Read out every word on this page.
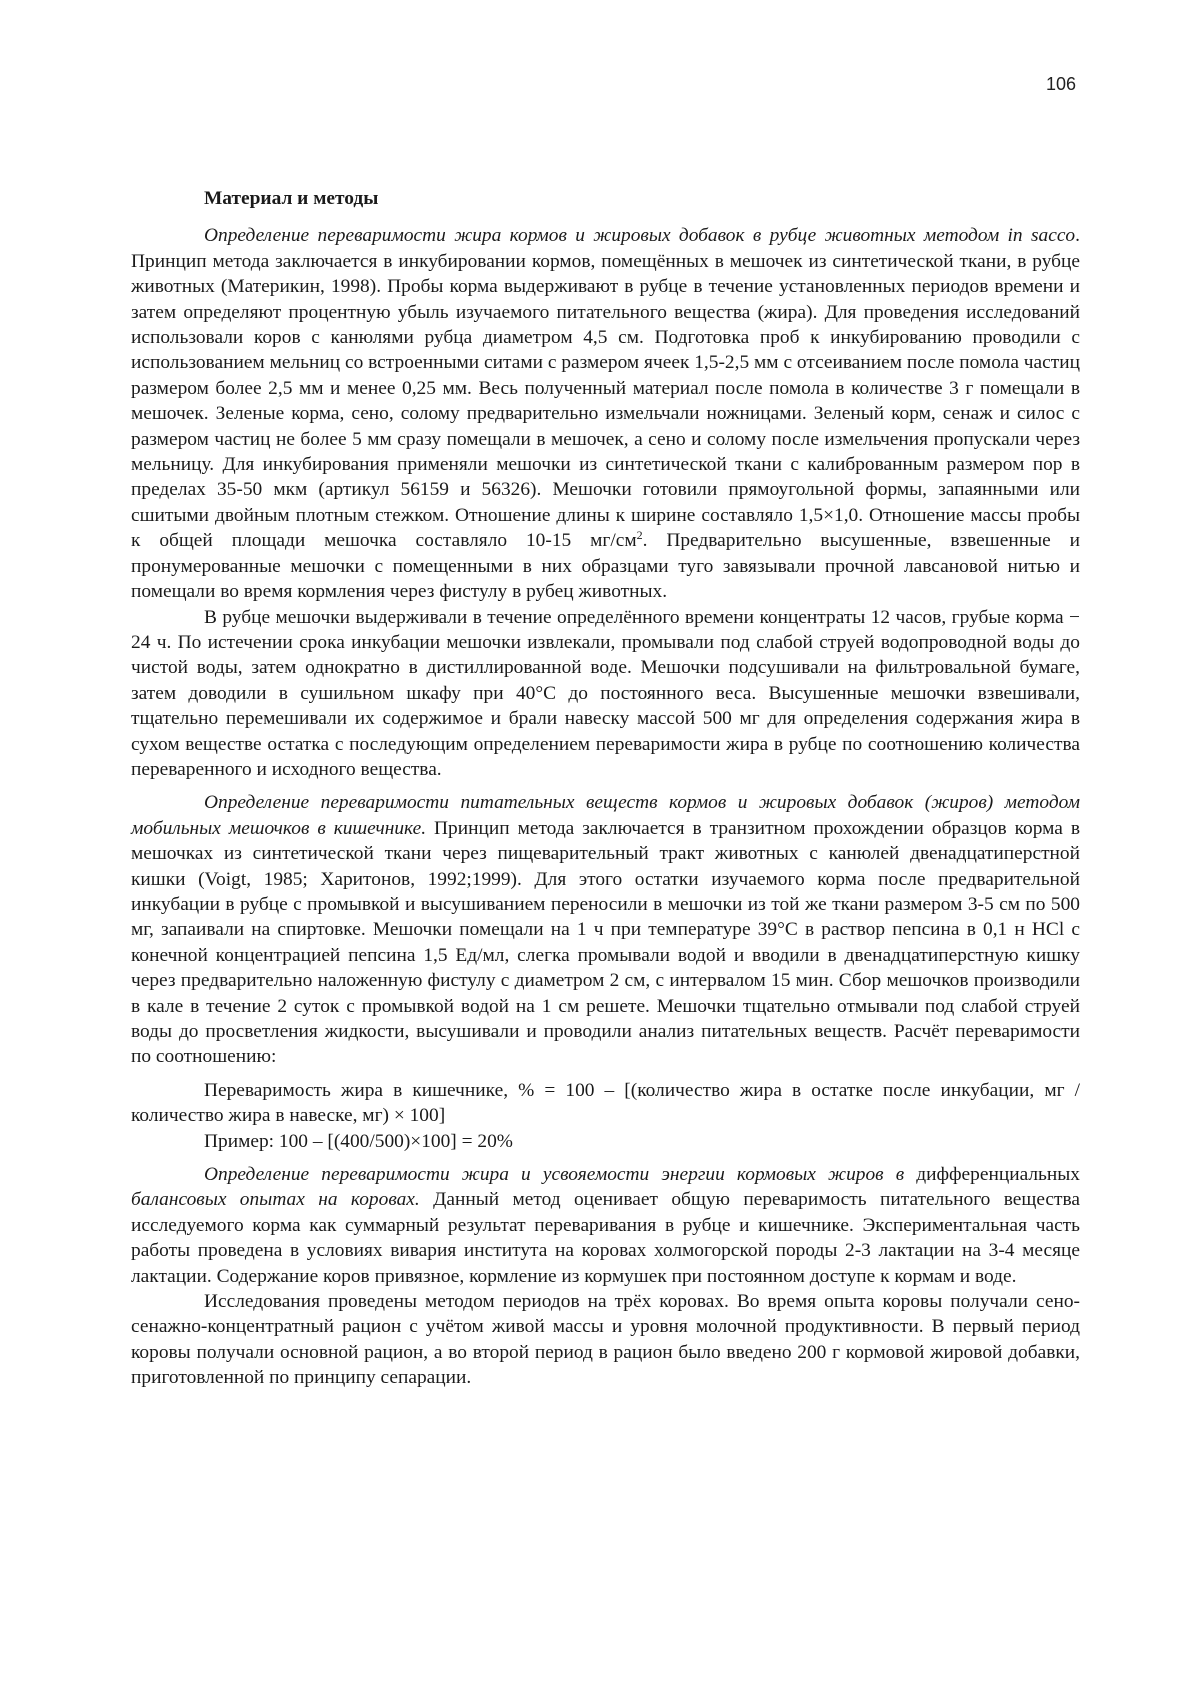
106
Материал и методы

Определение переваримости жира кормов и жировых добавок в рубце животных методом in sacco. Принцип метода заключается в инкубировании кормов, помещённых в мешочек из синтетической ткани, в рубце животных (Материкин, 1998). Пробы корма выдерживают в рубце в течение установленных периодов времени и затем определяют процентную убыль изучаемого питательного вещества (жира). Для проведения исследований использовали коров с канюлями рубца диаметром 4,5 см. Подготовка проб к инкубированию проводили с использованием мельниц со встроенными ситами с размером ячеек 1,5-2,5 мм с отсеиванием после помола частиц размером более 2,5 мм и менее 0,25 мм. Весь полученный материал после помола в количестве 3 г помещали в мешочек. Зеленые корма, сено, солому предварительно измельчали ножницами. Зеленый корм, сенаж и силос с размером частиц не более 5 мм сразу помещали в мешочек, а сено и солому после измельчения пропускали через мельницу. Для инкубирования применяли мешочки из синтетической ткани с калиброванным размером пор в пределах 35-50 мкм (артикул 56159 и 56326). Мешочки готовили прямоугольной формы, запаянными или сшитыми двойным плотным стежком. Отношение длины к ширине составляло 1,5×1,0. Отношение массы пробы к общей площади мешочка составляло 10-15 $мг/см^2$. Предварительно высушенные, взвешенные и пронумерованные мешочки с помещенными в них образцами туго завязывали прочной лавсановой нитью и помещали во время кормления через фистулу в рубец животных.

В рубце мешочки выдерживали в течение определённого времени концентраты 12 часов, грубые корма − 24 ч. По истечении срока инкубации мешочки извлекали, промывали под слабой струей водопроводной воды до чистой воды, затем однократно в дистиллированной воде. Мешочки подсушивали на фильтровальной бумаге, затем доводили в сушильном шкафу при 40°С до постоянного веса. Высушенные мешочки взвешивали, тщательно перемешивали их содержимое и брали навеску массой 500 мг для определения содержания жира в сухом веществе остатка с последующим определением переваримости жира в рубце по соотношению количества переваренного и исходного вещества.

Определение переваримости питательных веществ кормов и жировых добавок (жиров) методом мобильных мешочков в кишечнике. Принцип метода заключается в транзитном прохождении образцов корма в мешочках из синтетической ткани через пищеварительный тракт животных с канюлей двенадцатиперстной кишки (Voigt, 1985; Харитонов, 1992;1999). Для этого остатки изучаемого корма после предварительной инкубации в рубце с промывкой и высушиванием переносили в мешочки из той же ткани размером 3-5 см по 500 мг, запаивали на спиртовке. Мешочки помещали на 1 ч при температуре 39°С в раствор пепсина в 0,1 н HCl с конечной концентрацией пепсина 1,5 Ед/мл, слегка промывали водой и вводили в двенадцатиперстную кишку через предварительно наложенную фистулу с диаметром 2 см, с интервалом 15 мин. Сбор мешочков производили в кале в течение 2 суток с промывкой водой на 1 см решете. Мешочки тщательно отмывали под слабой струей воды до просветления жидкости, высушивали и проводили анализ питательных веществ. Расчёт переваримости по соотношению:

Переваримость жира в кишечнике, % = 100 – [(количество жира в остатке после инкубации, мг / количество жира в навеске, мг) × 100]

Пример: 100 – [(400/500)×100] = 20%

Определение переваримости жира и усвояемости энергии кормовых жиров в дифференциальных балансовых опытах на коровах. Данный метод оценивает общую переваримость питательного вещества исследуемого корма как суммарный результат переваривания в рубце и кишечнике. Экспериментальная часть работы проведена в условиях вивария института на коровах холмогорской породы 2-3 лактации на 3-4 месяце лактации. Содержание коров привязное, кормление из кормушек при постоянном доступе к кормам и воде.

Исследования проведены методом периодов на трёх коровах. Во время опыта коровы получали сено-сенажно-концентратный рацион с учётом живой массы и уровня молочной продуктивности. В первый период коровы получали основной рацион, а во второй период в рацион было введено 200 г кормовой жировой добавки, приготовленной по принципу сепарации.
